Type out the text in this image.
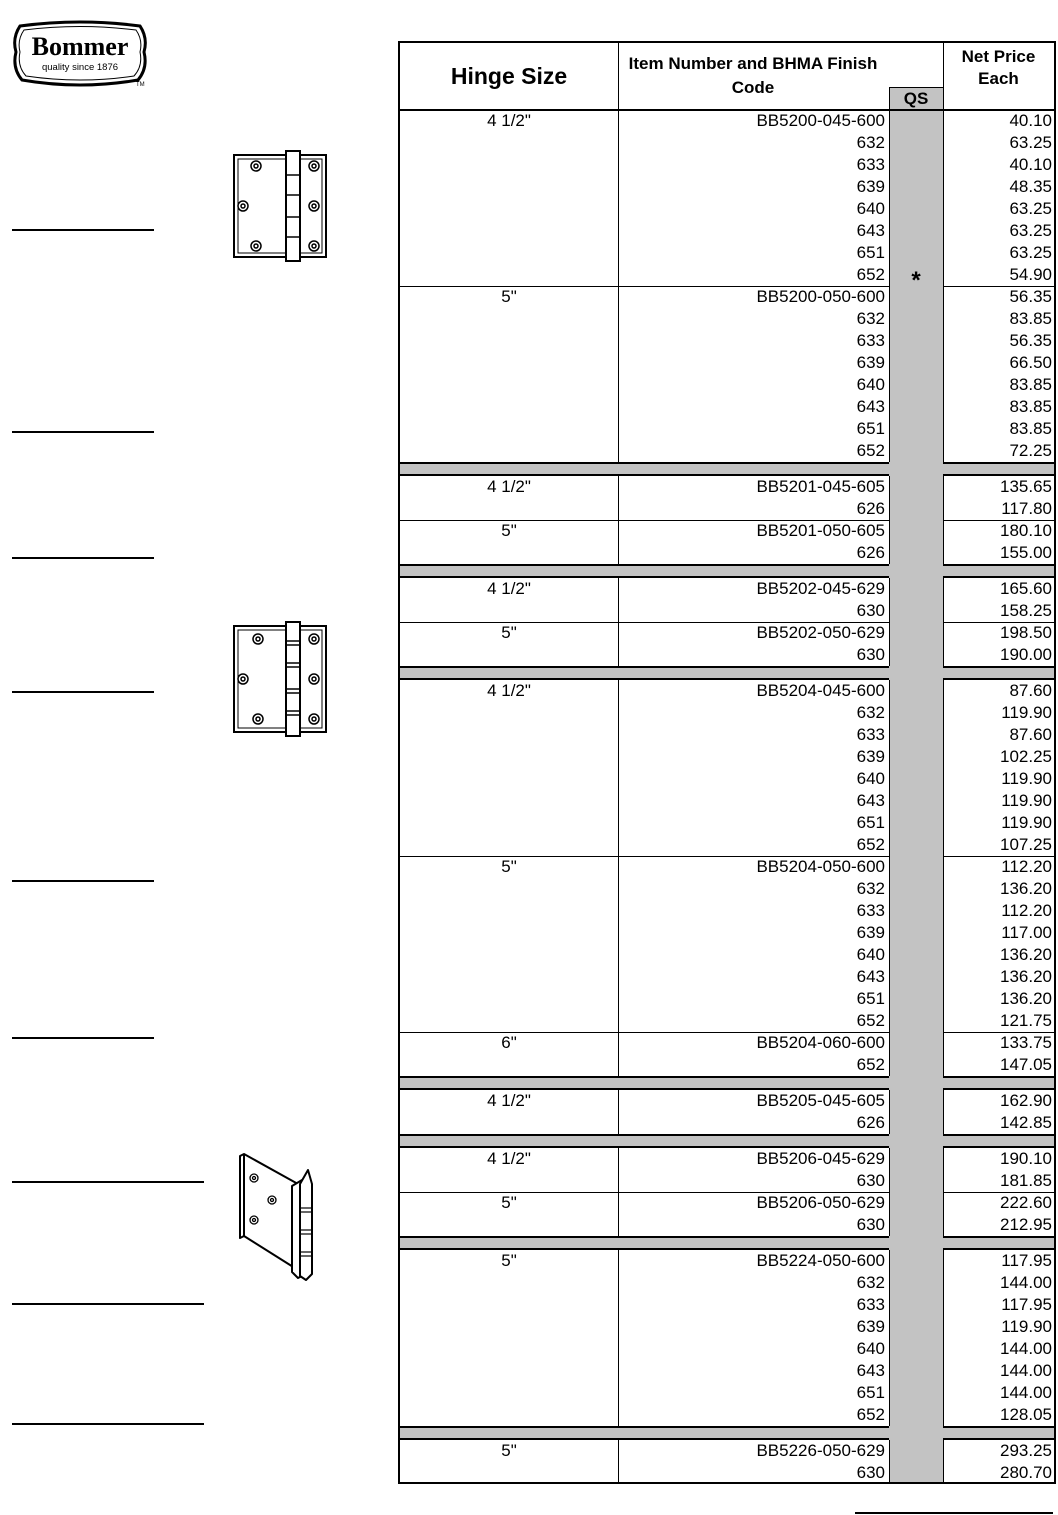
Bommer
quality since 1876
TM	Hinge Size	Item Number and BHMA Finish Code
QS
Net Price Each
4 1/2"	BB5200-045-600	40.10
632	63.25
633	40.10
639	48.35
640	63.25
643	63.25
651	63.25
652	*	54.90
5"	BB5200-050-600	56.35
632	83.85
633	56.35
639	66.50
640	83.85
643	83.85
651	83.85
652	72.25
4 1/2"	BB5201-045-605	135.65
626	117.80
5"	BB5201-050-605	180.10
626	155.00
4 1/2"	BB5202-045-629	165.60
630	158.25
5"	BB5202-050-629	198.50
630	190.00
4 1/2"	BB5204-045-600	87.60
632	119.90
633	87.60
639	102.25
640	119.90
643	119.90
651	119.90
652	107.25
5"	BB5204-050-600	112.20
632	136.20
633	112.20
639	117.00
640	136.20
643	136.20
651	136.20
652	121.75
6"	BB5204-060-600	133.75
652	147.05
4 1/2"	BB5205-045-605	162.90
626	142.85
4 1/2"	BB5206-045-629	190.10
630	181.85
5"	BB5206-050-629	222.60
630	212.95
5"	BB5224-050-600	117.95
632	144.00
633	117.95
639	119.90
640	144.00
643	144.00
651	144.00
652	128.05
5"	BB5226-050-629	293.25
630	280.70
